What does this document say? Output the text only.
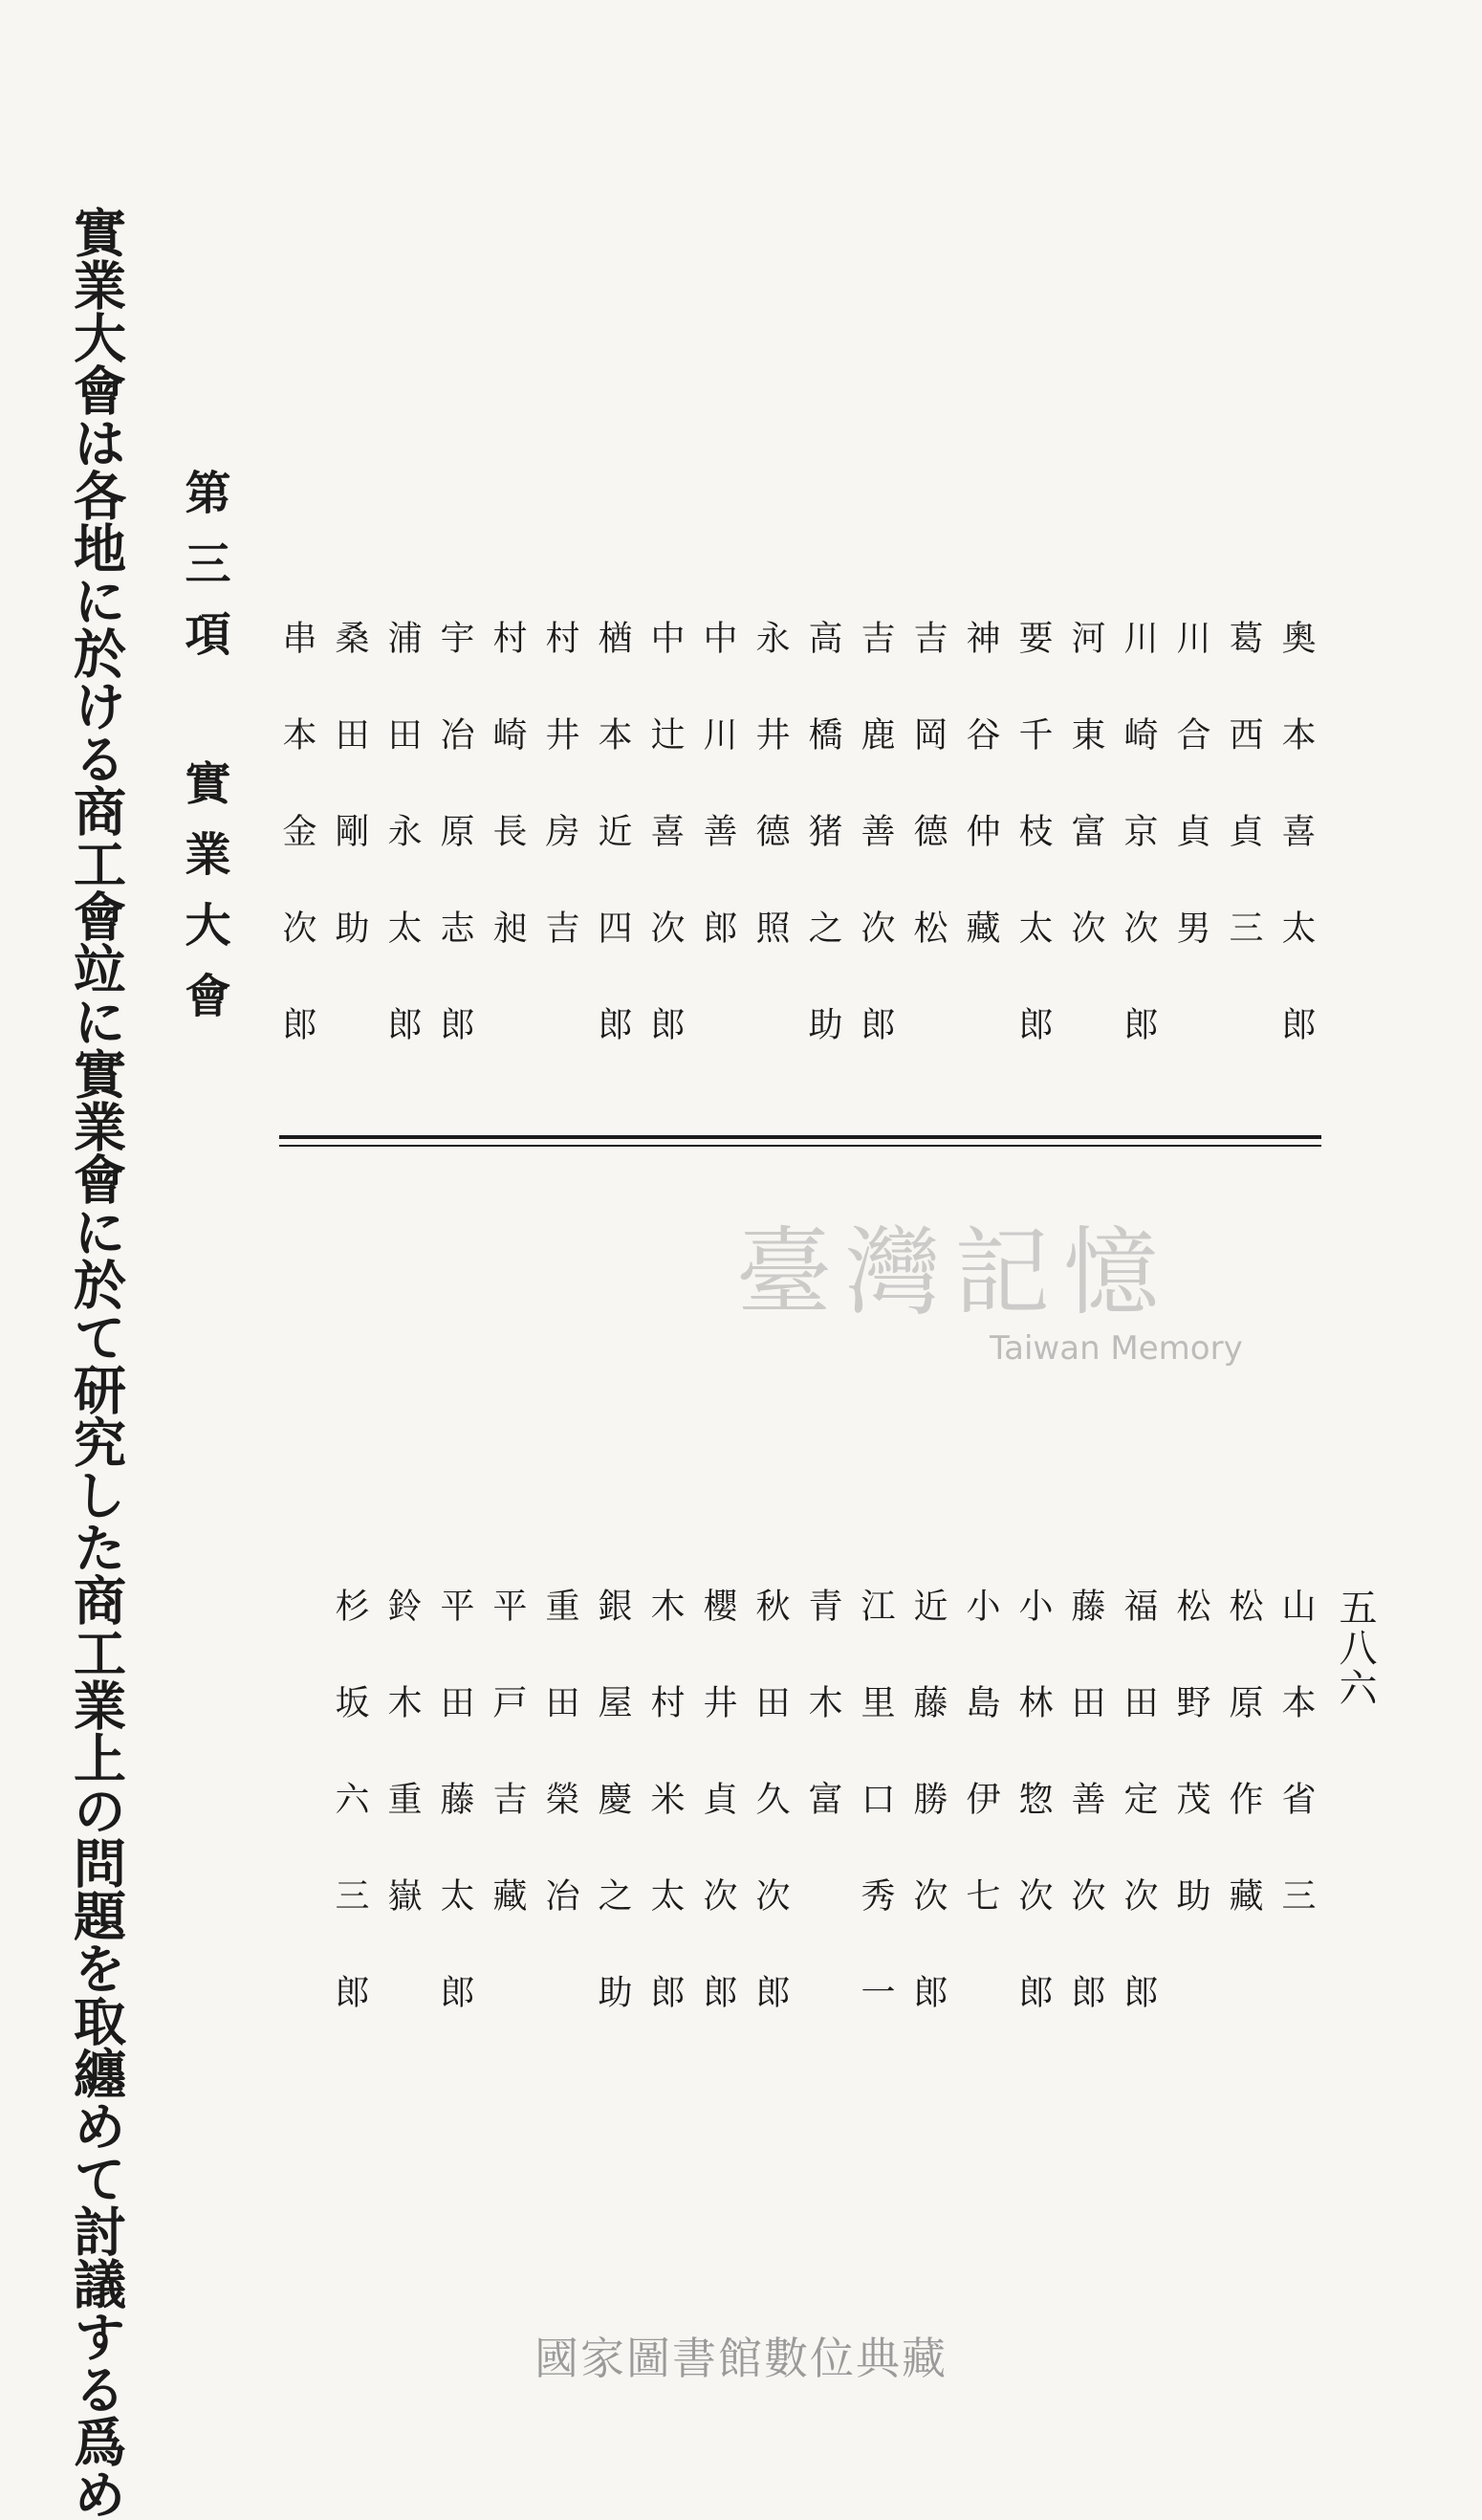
實業大會は各地に於ける商工會竝に實業會に於て研究した商工業上の問題を取纏めて討議する爲め 第三項 實業大會
五八六
奧本喜太郎
葛西貞三
川合貞男
川崎京次郎
河東富次
要千枝太郎
神谷仲藏
吉岡德松
吉鹿善次郎
高橋猪之助
永井德照
中川善郎
中辻喜次郎
楢本近四郎
村井房吉
村崎長昶
宇冶原志郎
浦田永太郎
桑田剛助
串本金次郎
臺灣記憶
Taiwan Memory
山本省三
松原作藏
松野茂助
福田定次郎
藤田善次郎
小林惣次郎
小島伊七
近藤勝次郎
江里口秀一
青木富
秋田久次郎
櫻井貞次郎
木村米太郎
銀屋慶之助
重田榮冶
平戸吉藏
平田藤太郎
鈴木重嶽
杉坂六三郎
國家圖書館數位典藏
